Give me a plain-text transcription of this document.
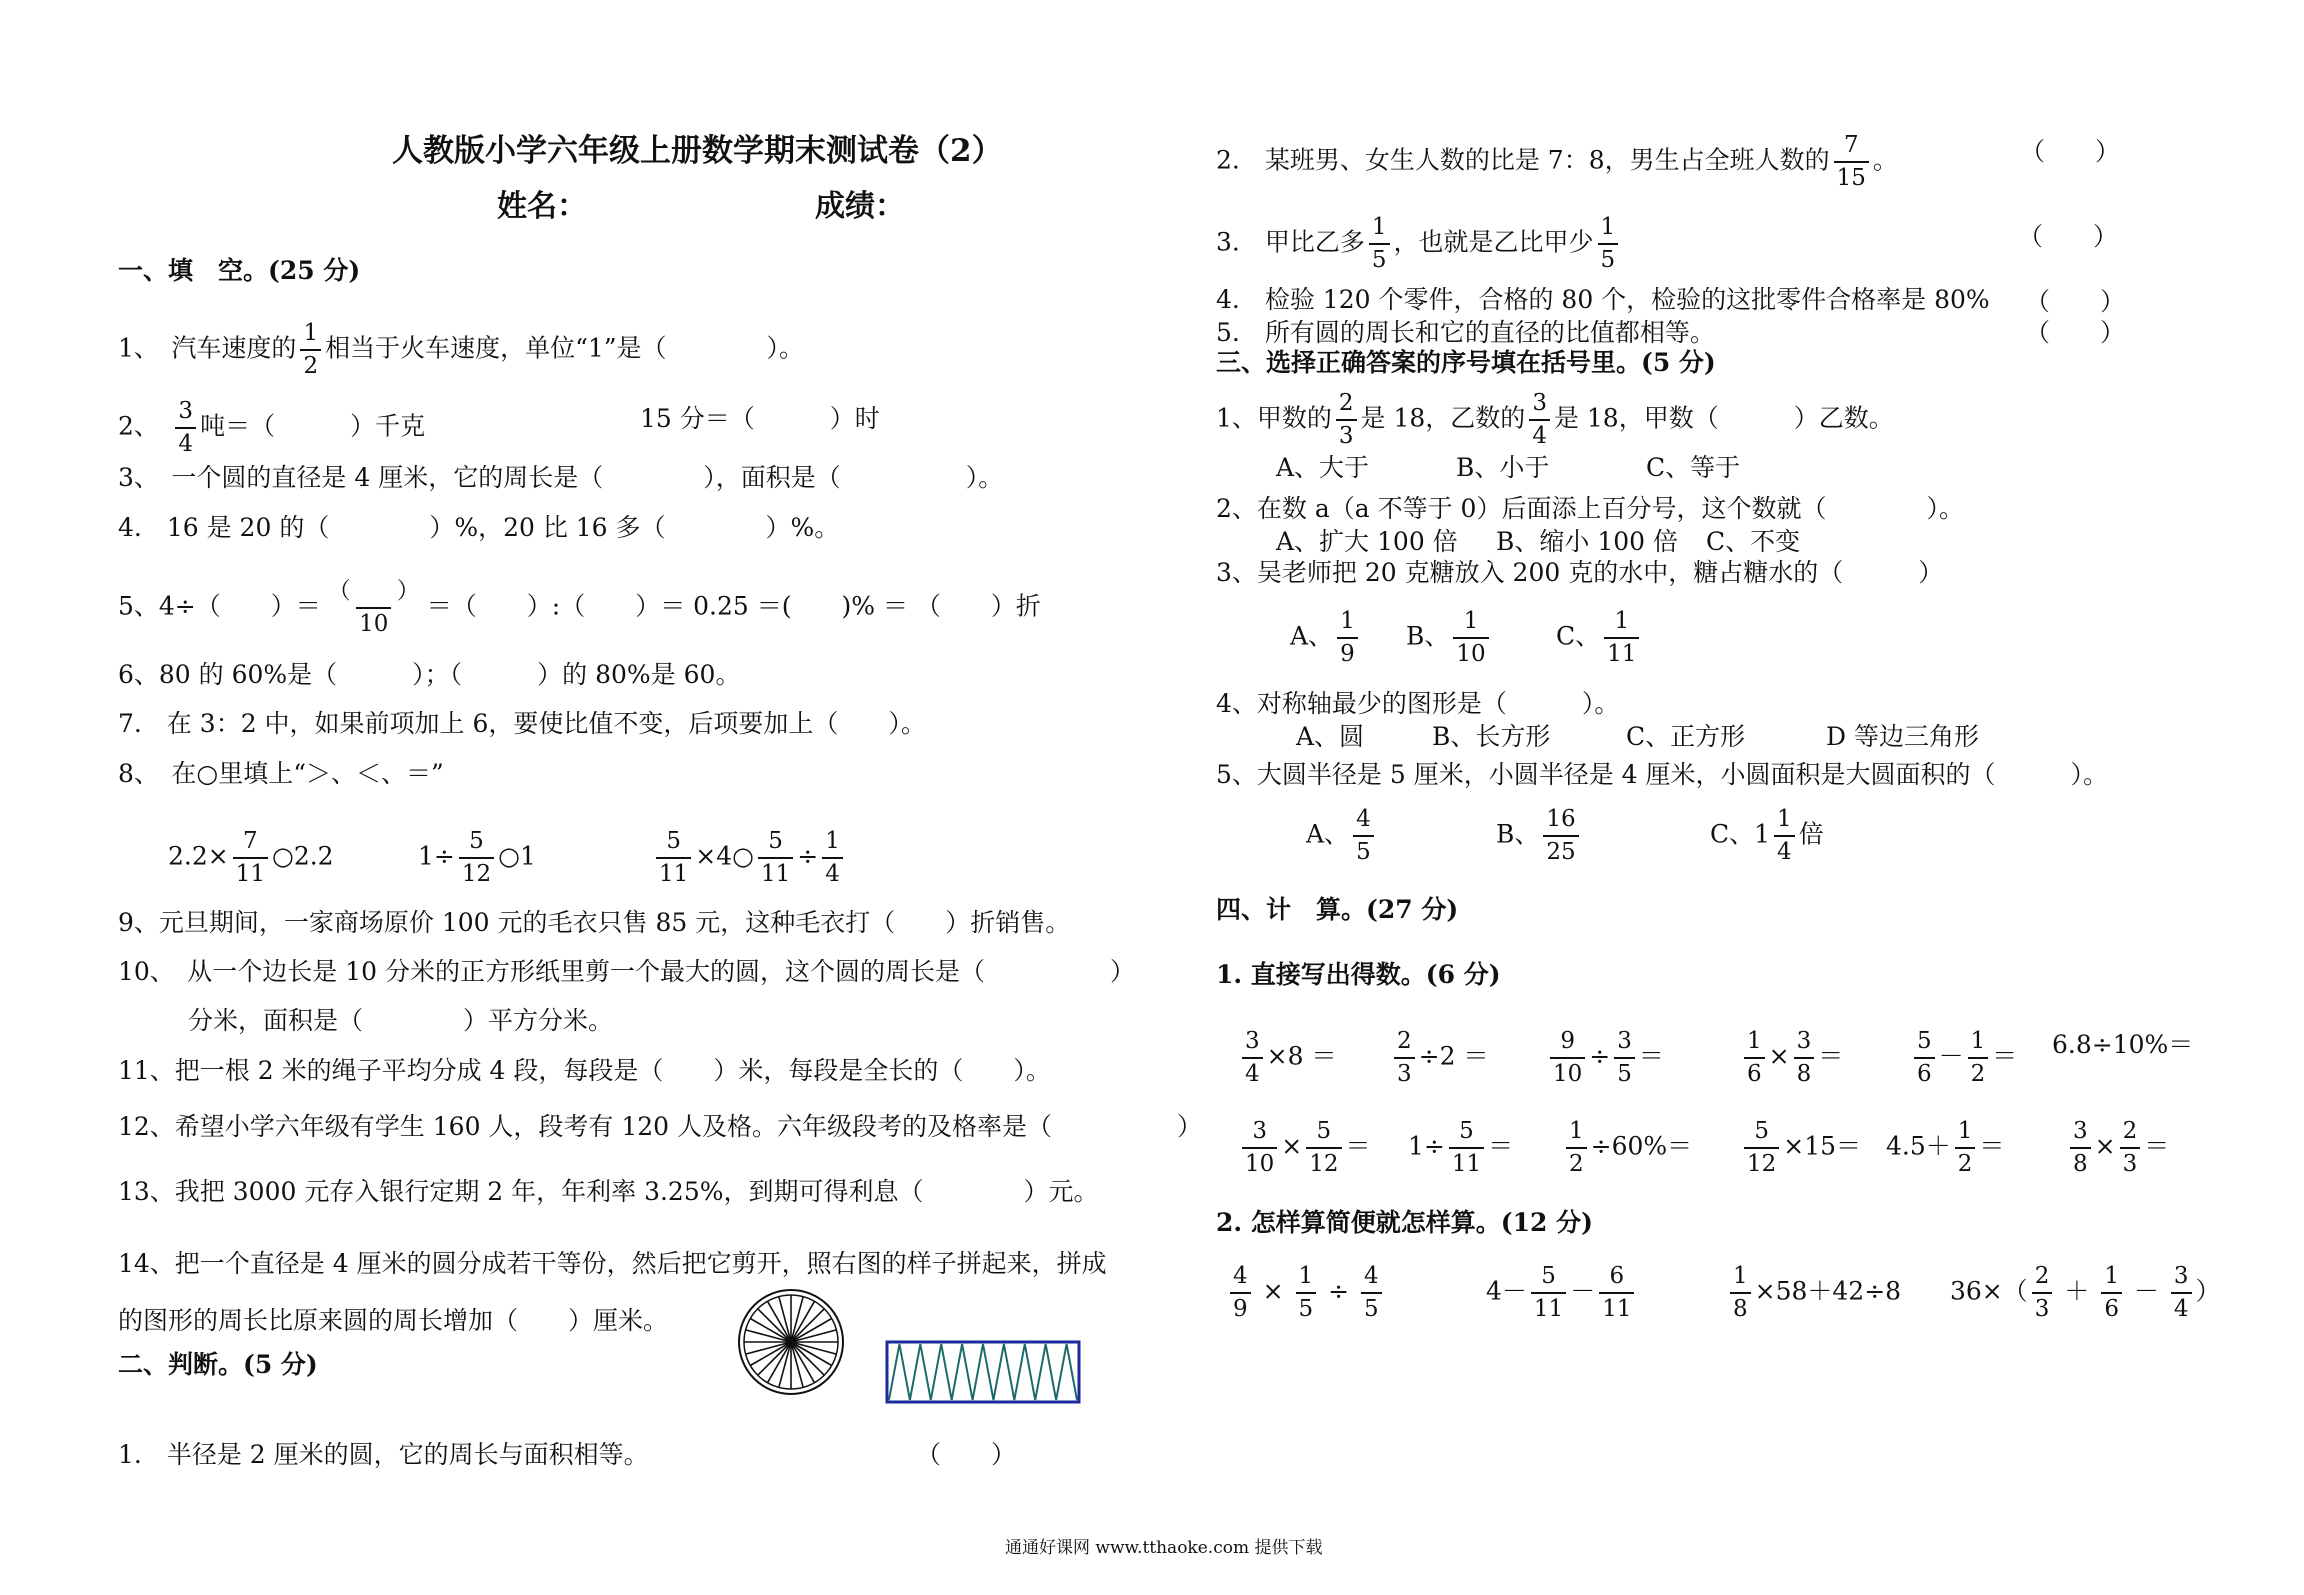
人教版小学六年级上册数学期末测试卷（2）
姓名：	成绩：
一、填　空。(25 分)
1、　 汽车速度的 $\frac{1}{2}$ 相当于火车速度，单位“1”是（　　　　）。
2、　 $\frac{3}{4}$ 吨＝（　　　）千克	15 分＝（　　　）时
3、　一个圆的直径是 4 厘米，它的周长是（　　　　），面积是（　　　　　）。
4.　16 是 20 的（　　　　）%，20 比 16 多（　　　　）%。
5、4÷（　　）＝ $\frac{( )}{10}$ ＝（　　）:（　　）＝ 0.25 ＝(　　)% ＝ （　　）折
6、80 的 60%是（　　　）；（　　　）的 80%是 60。
7.　在 3：2 中，如果前项加上 6，要使比值不变，后项要加上（　　）。
8、　在○里填上“＞、＜、＝”
$2.2\times \frac{7}{11}$ ○2.2	$1\div \frac{5}{12}$ ○1	$\frac{5}{11}$ ×4○ $\frac{5}{11} \div \frac{1}{4}$
9、元旦期间，一家商场原价 100 元的毛衣只售 85 元，这种毛衣打（　　）折销售。
10、　从一个边长是 10 分米的正方形纸里剪一个最大的圆，这个圆的周长是（　　　　　）
分米，面积是（　　　　）平方分米。
11、把一根 2 米的绳子平均分成 4 段，每段是（　　）米，每段是全长的（　　）。
12、希望小学六年级有学生 160 人，段考有 120 人及格。六年级段考的及格率是（　　　　　）
13、我把 3000 元存入银行定期 2 年，年利率 3.25%，到期可得利息（　　　　）元。
14、把一个直径是 4 厘米的圆分成若干等份，然后把它剪开，照右图的样子拼起来，拼成
的图形的周长比原来圆的周长增加（　　）厘米。
二、判断。(5 分)
1.　半径是 2 厘米的圆，它的周长与面积相等。	（　　）
2.　某班男、女生人数的比是 7：8，男生占全班人数的 $\frac{7}{15}$ 。	（　　）
3.　甲比乙多 $\frac{1}{5}$ ，也就是乙比甲少 $\frac{1}{5}$	（　　）
4.　检验 120 个零件，合格的 80 个，检验的这批零件合格率是 80% （　　）
5.　所有圆的周长和它的直径的比值都相等。	（　　）
三、选择正确答案的序号填在括号里。(5 分)
1、甲数的 $\frac{2}{3}$ 是 18，乙数的 $\frac{3}{4}$ 是 18，甲数（　　　）乙数。
A、大于	B、小于	C、等于
2、在数 a（a 不等于 0）后面添上百分号，这个数就（　　　　）。
A、扩大 100 倍 B、缩小 100 倍 C、不变
3、吴老师把 20 克糖放入 200 克的水中，糖占糖水的（　　　）
A、 $\frac{1}{9}$ B、 $\frac{1}{10}$	C、 $\frac{1}{11}$
4、对称轴最少的图形是（　　　）。
A、圆	B、长方形	C、正方形	D 等边三角形
5、大圆半径是 5 厘米，小圆半径是 4 厘米，小圆面积是大圆面积的（　　　）。
A、 $\frac{4}{5}$	B、 $\frac{16}{25}$	C、$1 \frac{1}{4}$ 倍
四、计　算。(27 分)
1. 直接写出得数。(6 分)
$\frac{3}{4} \times 8$ ＝	$\frac{2}{3} \div 2$ ＝	$\frac{9}{10} \div \frac{3}{5}$ ＝	$\frac{1}{6} \times \frac{3}{8}$ ＝	$\frac{5}{6} - \frac{1}{2} = 6.8\div 10\%=$
$\frac{3}{10} \times \frac{5}{12} = 1\div \frac{5}{11} = \frac{1}{2} \div 60\%= \frac{5}{12} \times 15= 4.5+ \frac{1}{2}$ ＝	$\frac{3}{8} \times \frac{2}{3}$ ＝
2. 怎样算简便就怎样算。(12 分)
$\frac{4}{9} \times \frac{1}{5} \div \frac{4}{5}$	$4- \frac{5}{11} - \frac{6}{11}$	$\frac{1}{8} \times 58+42\div 8$ $36\times( \frac{2}{3} + \frac{1}{6} - \frac{3}{4}$ ）
通通好课网 www.tthaoke.com 提供下载
